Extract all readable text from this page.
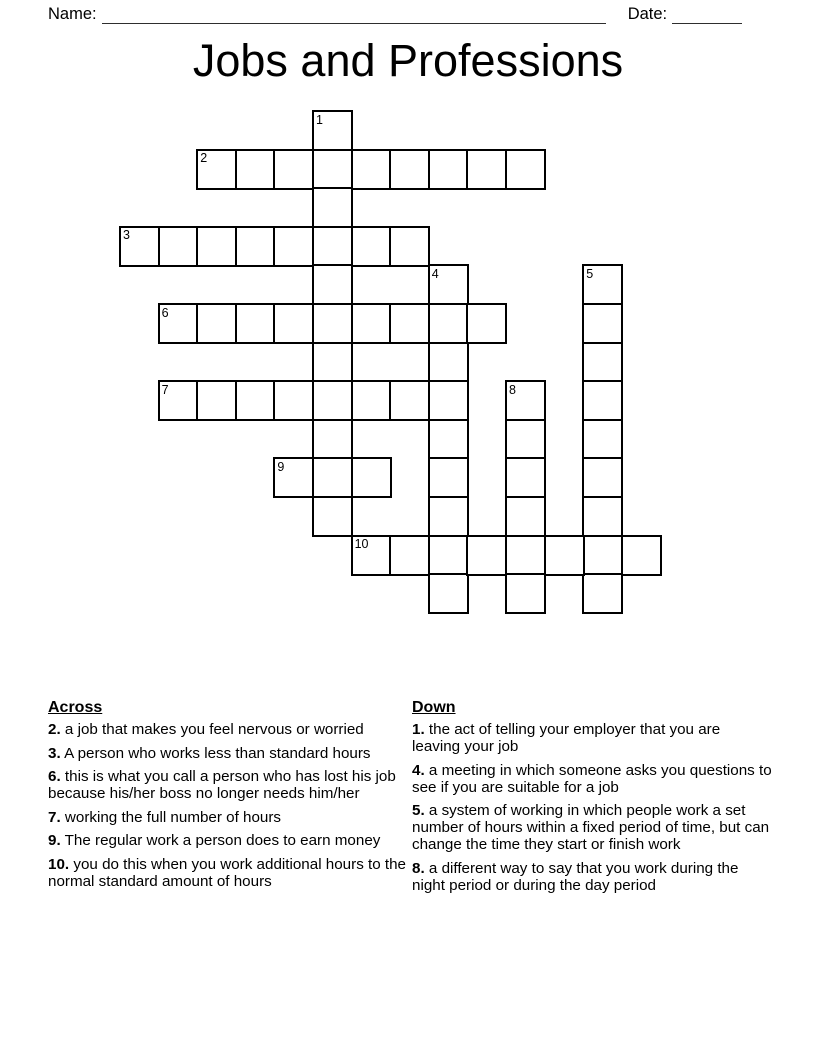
Name:	Date:
Jobs and Professions
1
2
3
4	5
6
7	8
9
10

Across

2. a job that makes you feel nervous or worried

3. A person who works less than standard hours

6. this is what you call a person who has lost his job because his/her boss no longer needs him/her

7. working the full number of hours

9. The regular work a person does to earn money

10. you do this when you work additional hours to the normal standard amount of hours

Down

1. the act of telling your employer that you are leaving your job

4. a meeting in which someone asks you questions to see if you are suitable for a job

5. a system of working in which people work a set number of hours within a fixed period of time, but can change the time they start or finish work

8. a different way to say that you work during the night period or during the day period
